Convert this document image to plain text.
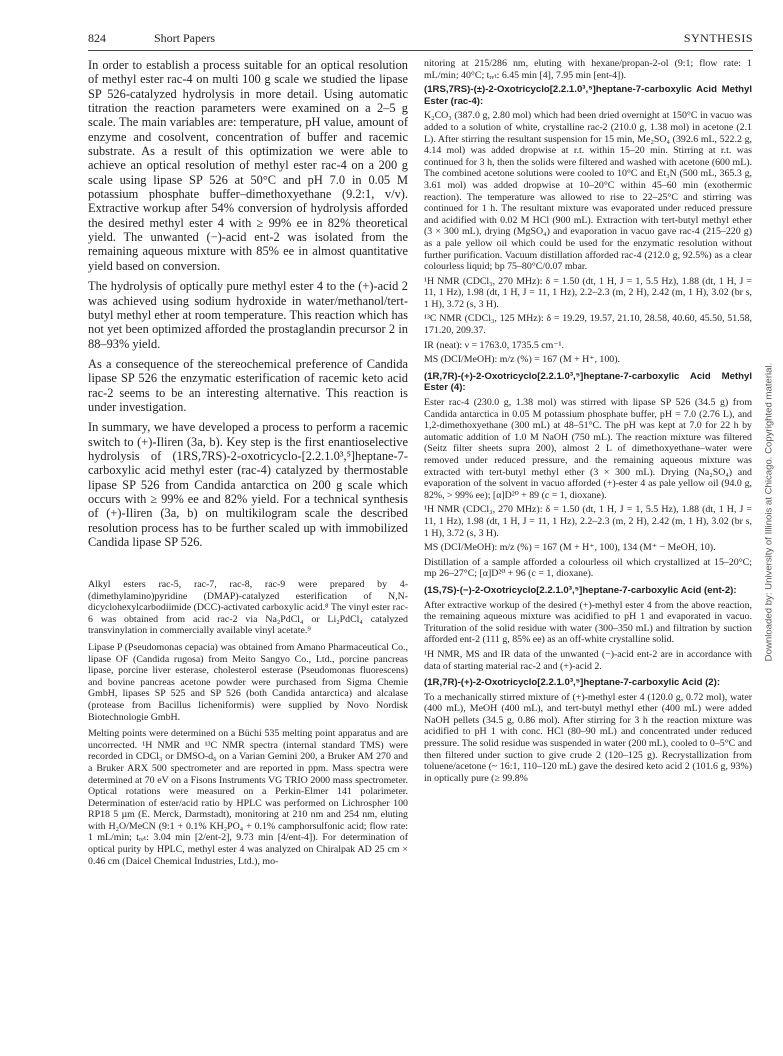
824	Short Papers	SYNTHESIS

In order to establish a process suitable for an optical resolution of methyl ester rac-4 on multi 100 g scale we studied the lipase SP 526-catalyzed hydrolysis in more detail. Using automatic titration the reaction parameters were examined on a 2–5 g scale. The main variables are: temperature, pH value, amount of enzyme and cosolvent, concentration of buffer and racemic substrate. As a result of this optimization we were able to achieve an optical resolution of methyl ester rac-4 on a 200 g scale using lipase SP 526 at 50°C and pH 7.0 in 0.05 M potassium phosphate buffer–dimethoxyethane (9.2:1, v/v). Extractive workup after 54% conversion of hydrolysis afforded the desired methyl ester 4 with ≥ 99% ee in 82% theoretical yield. The unwanted (−)-acid ent-2 was isolated from the remaining aqueous mixture with 85% ee in almost quantitative yield based on conversion.

The hydrolysis of optically pure methyl ester 4 to the (+)-acid 2 was achieved using sodium hydroxide in water/methanol/tert-butyl methyl ether at room temperature. This reaction which has not yet been optimized afforded the prostaglandin precursor 2 in 88–93% yield.

As a consequence of the stereochemical preference of Candida lipase SP 526 the enzymatic esterification of racemic keto acid rac-2 seems to be an interesting alternative. This reaction is under investigation.

In summary, we have developed a process to perform a racemic switch to (+)-Iliren (3a, b). Key step is the first enantioselective hydrolysis of (1RS,7RS)-2-oxotricyclo-[2.2.1.0³,⁵]heptane-7-carboxylic acid methyl ester (rac-4) catalyzed by thermostable lipase SP 526 from Candida antarctica on 200 g scale which occurs with ≥ 99% ee and 82% yield. For a technical synthesis of (+)-Iliren (3a, b) on multikilogram scale the described resolution process has to be further scaled up with immobilized Candida lipase SP 526.

Alkyl esters rac-5, rac-7, rac-8, rac-9 were prepared by 4-(dimethylamino)pyridine (DMAP)-catalyzed esterification of N,N-dicyclohexylcarbodiimide (DCC)-activated carboxylic acid.⁸ The vinyl ester rac-6 was obtained from acid rac-2 via Na₂PdCl₄ or Li₂PdCl₄ catalyzed transvinylation in commercially available vinyl acetate.⁹

Lipase P (Pseudomonas cepacia) was obtained from Amano Pharmaceutical Co., lipase OF (Candida rugosa) from Meito Sangyo Co., Ltd., porcine pancreas lipase, porcine liver esterase, cholesterol esterase (Pseudomonas fluorescens) and bovine pancreas acetone powder were purchased from Sigma Chemie GmbH, lipases SP 525 and SP 526 (both Candida antarctica) and alcalase (protease from Bacillus licheniformis) were supplied by Novo Nordisk Biotechnologie GmbH.

Melting points were determined on a Büchi 535 melting point apparatus and are uncorrected. ¹H NMR and ¹³C NMR spectra (internal standard TMS) were recorded in CDCl₃ or DMSO-d₆ on a Varian Gemini 200, a Bruker AM 270 and a Bruker ARX 500 spectrometer and are reported in ppm. Mass spectra were determined at 70 eV on a Fisons Instruments VG TRIO 2000 mass spectrometer. Optical rotations were measured on a Perkin-Elmer 141 polarimeter. Determination of ester/acid ratio by HPLC was performed on Lichrospher 100 RP18 5 µm (E. Merck, Darmstadt), monitoring at 210 nm and 254 nm, eluting with H₂O/MeCN (9:1 + 0.1% KH₂PO₄ + 0.1% camphorsulfonic acid; flow rate: 1 mL/min; tᵣₑₜ: 3.04 min [2/ent-2], 9.73 min [4/ent-4]). For determination of optical purity by HPLC, methyl ester 4 was analyzed on Chiralpak AD 25 cm × 0.46 cm (Daicel Chemical Industries, Ltd.), mo-

nitoring at 215/286 nm, eluting with hexane/propan-2-ol (9:1; flow rate: 1 mL/min; 40°C; tᵣₑₜ: 6.45 min [4], 7.95 min [ent-4]).

(1RS,7RS)-(±)-2-Oxotricyclo[2.2.1.0³,⁵]heptane-7-carboxylic Acid Methyl Ester (rac-4):

K₂CO₃ (387.0 g, 2.80 mol) which had been dried overnight at 150°C in vacuo was added to a solution of white, crystalline rac-2 (210.0 g, 1.38 mol) in acetone (2.1 L). After stirring the resultant suspension for 15 min, Me₂SO₄ (392.6 mL, 522.2 g, 4.14 mol) was added dropwise at r.t. within 15–20 min. Stirring at r.t. was continued for 3 h, then the solids were filtered and washed with acetone (600 mL). The combined acetone solutions were cooled to 10°C and Et₃N (500 mL, 365.3 g, 3.61 mol) was added dropwise at 10–20°C within 45–60 min (exothermic reaction). The temperature was allowed to rise to 22–25°C and stirring was continued for 1 h. The resultant mixture was evaporated under reduced pressure and acidified with 0.02 M HCl (900 mL). Extraction with tert-butyl methyl ether (3 × 300 mL), drying (MgSO₄) and evaporation in vacuo gave rac-4 (215–220 g) as a pale yellow oil which could be used for the enzymatic resolution without further purification. Vacuum distillation afforded rac-4 (212.0 g, 92.5%) as a clear colourless liquid; bp 75–80°C/0.07 mbar.

¹H NMR (CDCl₃, 270 MHz): δ = 1.50 (dt, 1 H, J = 1, 5.5 Hz), 1.88 (dt, 1 H, J = 11, 1 Hz), 1.98 (dt, 1 H, J = 11, 1 Hz), 2.2–2.3 (m, 2 H), 2.42 (m, 1 H), 3.02 (br s, 1 H), 3.72 (s, 3 H).

¹³C NMR (CDCl₃, 125 MHz): δ = 19.29, 19.57, 21.10, 28.58, 40.60, 45.50, 51.58, 171.20, 209.37.

IR (neat): ν = 1763.0, 1735.5 cm⁻¹.

MS (DCI/MeOH): m/z (%) = 167 (M + H⁺, 100).

(1R,7R)-(+)-2-Oxotricyclo[2.2.1.0³,⁵]heptane-7-carboxylic Acid Methyl Ester (4):

Ester rac-4 (230.0 g, 1.38 mol) was stirred with lipase SP 526 (34.5 g) from Candida antarctica in 0.05 M potassium phosphate buffer, pH = 7.0 (2.76 L), and 1,2-dimethoxyethane (300 mL) at 48–51°C. The pH was kept at 7.0 for 22 h by automatic addition of 1.0 M NaOH (750 mL). The reaction mixture was filtered (Seitz filter sheets supra 200), almost 2 L of dimethoxyethane–water were removed under reduced pressure, and the remaining aqueous mixture was extracted with tert-butyl methyl ether (3 × 300 mL). Drying (Na₂SO₄) and evaporation of the solvent in vacuo afforded (+)-ester 4 as pale yellow oil (94.0 g, 82%, > 99% ee); [α]D²⁰ + 89 (c = 1, dioxane).

¹H NMR (CDCl₃, 270 MHz): δ = 1.50 (dt, 1 H, J = 1, 5.5 Hz), 1.88 (dt, 1 H, J = 11, 1 Hz), 1.98 (dt, 1 H, J = 11, 1 Hz), 2.2–2.3 (m, 2 H), 2.42 (m, 1 H), 3.02 (br s, 1 H), 3.72 (s, 3 H).

MS (DCI/MeOH): m/z (%) = 167 (M + H⁺, 100), 134 (M⁺ − MeOH, 10).

Distillation of a sample afforded a colourless oil which crystallized at 15–20°C; mp 26–27°C; [α]D²⁰ + 96 (c = 1, dioxane).

(1S,7S)-(−)-2-Oxotricyclo[2.2.1.0³,⁵]heptane-7-carboxylic Acid (ent-2):

After extractive workup of the desired (+)-methyl ester 4 from the above reaction, the remaining aqueous mixture was acidified to pH 1 and evaporated in vacuo. Trituration of the solid residue with water (300–350 mL) and filtration by suction afforded ent-2 (111 g, 85% ee) as an off-white crystalline solid.

¹H NMR, MS and IR data of the unwanted (−)-acid ent-2 are in accordance with data of starting material rac-2 and (+)-acid 2.

(1R,7R)-(+)-2-Oxotricyclo[2.2.1.0³,⁵]heptane-7-carboxylic Acid (2):

To a mechanically stirred mixture of (+)-methyl ester 4 (120.0 g, 0.72 mol), water (400 mL), MeOH (400 mL), and tert-butyl methyl ether (400 mL) were added NaOH pellets (34.5 g, 0.86 mol). After stirring for 3 h the reaction mixture was acidified to pH 1 with conc. HCl (80–90 mL) and concentrated under reduced pressure. The solid residue was suspended in water (200 mL), cooled to 0–5°C and then filtered under suction to give crude 2 (120–125 g). Recrystallization from toluene/acetone (~ 16:1, 110–120 mL) gave the desired keto acid 2 (101.6 g, 93%) in optically pure (≥ 99.8%

Downloaded by: University of Illinois at Chicago. Copyrighted material.
